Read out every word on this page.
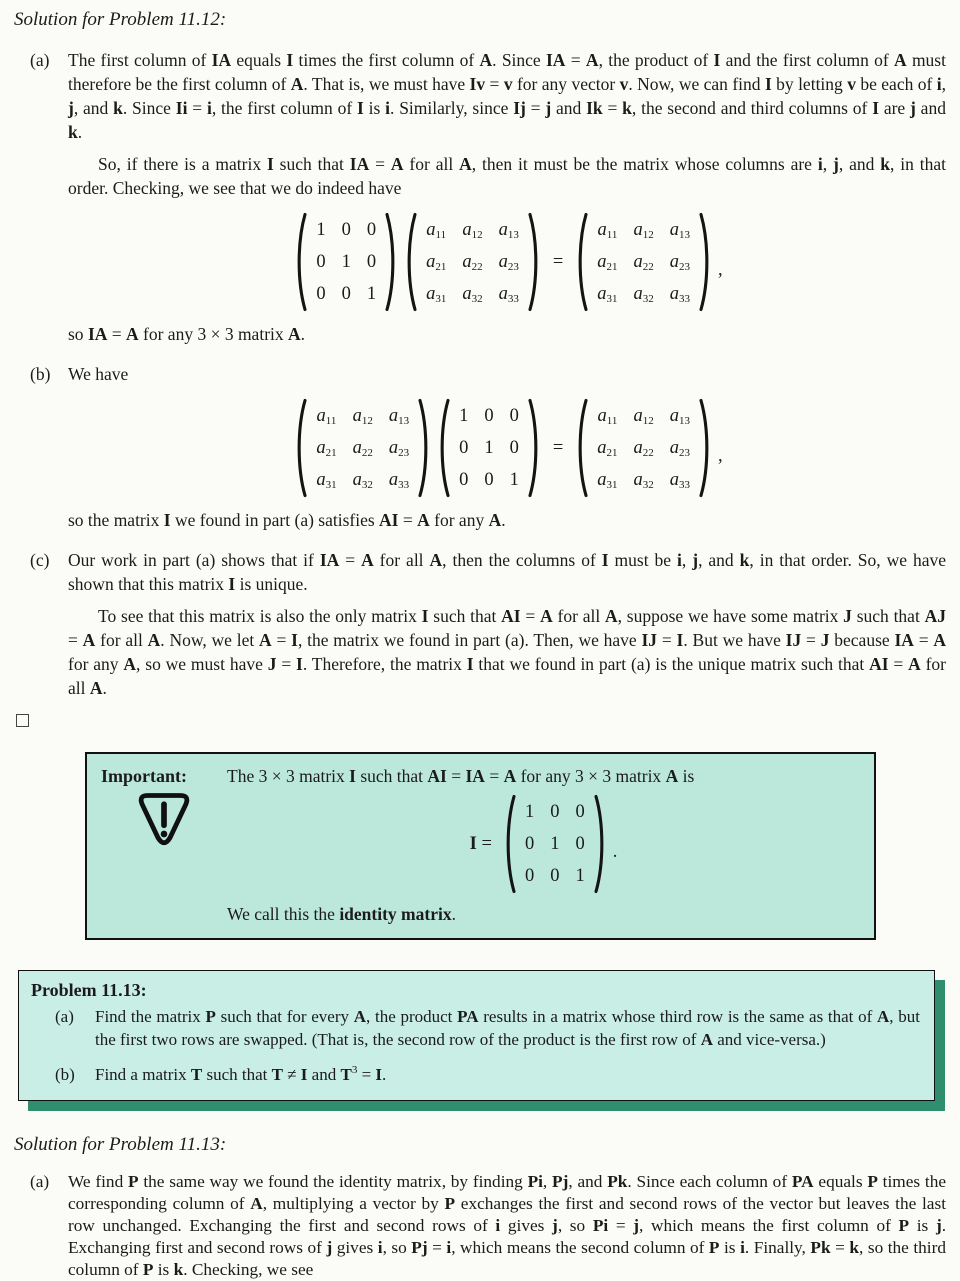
Solution for Problem 11.12:
(a)	The first column of IA equals I times the first column of A. Since IA = A, the product of I and the first column of A must therefore be the first column of A. That is, we must have Iv = v for any vector v. Now, we can find I by letting v be each of i, j, and k. Since Ii = i, the first column of I is i. Similarly, since Ij = j and Ik = k, the second and third columns of I are j and k.

So, if there is a matrix I such that IA = A for all A, then it must be the matrix whose columns are i, j, and k, in that order. Checking, we see that we do indeed have

1	0	0
0	1	0
0	0	1
$a_{11}$	$a_{12}$	$a_{13}$
$a_{21}$	$a_{22}$	$a_{23}$
$a_{31}$	$a_{32}$	$a_{33}$
=
$a_{11}$	$a_{12}$	$a_{13}$
$a_{21}$	$a_{22}$	$a_{23}$
$a_{31}$	$a_{32}$	$a_{33}$
,

so IA = A for any 3 × 3 matrix A.

(b)	We have

$a_{11}$	$a_{12}$	$a_{13}$
$a_{21}$	$a_{22}$	$a_{23}$
$a_{31}$	$a_{32}$	$a_{33}$
1	0	0
0	1	0
0	0	1
=
$a_{11}$	$a_{12}$	$a_{13}$
$a_{21}$	$a_{22}$	$a_{23}$
$a_{31}$	$a_{32}$	$a_{33}$
,

so the matrix I we found in part (a) satisfies AI = A for any A.

(c)	Our work in part (a) shows that if IA = A for all A, then the columns of I must be i, j, and k, in that order. So, we have shown that this matrix I is unique.

To see that this matrix is also the only matrix I such that AI = A for all A, suppose we have some matrix J such that AJ = A for all A. Now, we let A = I, the matrix we found in part (a). Then, we have IJ = I. But we have IJ = J because IA = A for any A, so we must have J = I. Therefore, the matrix I that we found in part (a) is the unique matrix such that AI = A for all A.

Important:	The 3 × 3 matrix I such that AI = IA = A for any 3 × 3 matrix A is
I =
1	0	0
0	1	0
0	0	1
.
We call this the identity matrix.
Problem 11.13:
(a)	Find the matrix P such that for every A, the product PA results in a matrix whose third row is the same as that of A, but the first two rows are swapped. (That is, the second row of the product is the first row of A and vice-versa.)
(b)	Find a matrix T such that T ≠ I and $T^3 = I$.
Solution for Problem 11.13:
(a)	We find P the same way we found the identity matrix, by finding Pi, Pj, and Pk. Since each column of PA equals P times the corresponding column of A, multiplying a vector by P exchanges the first and second rows of the vector but leaves the last row unchanged. Exchanging the first and second rows of i gives j, so Pi = j, which means the first column of P is j. Exchanging first and second rows of j gives i, so Pj = i, which means the second column of P is i. Finally, Pk = k, so the third column of P is k. Checking, we see
